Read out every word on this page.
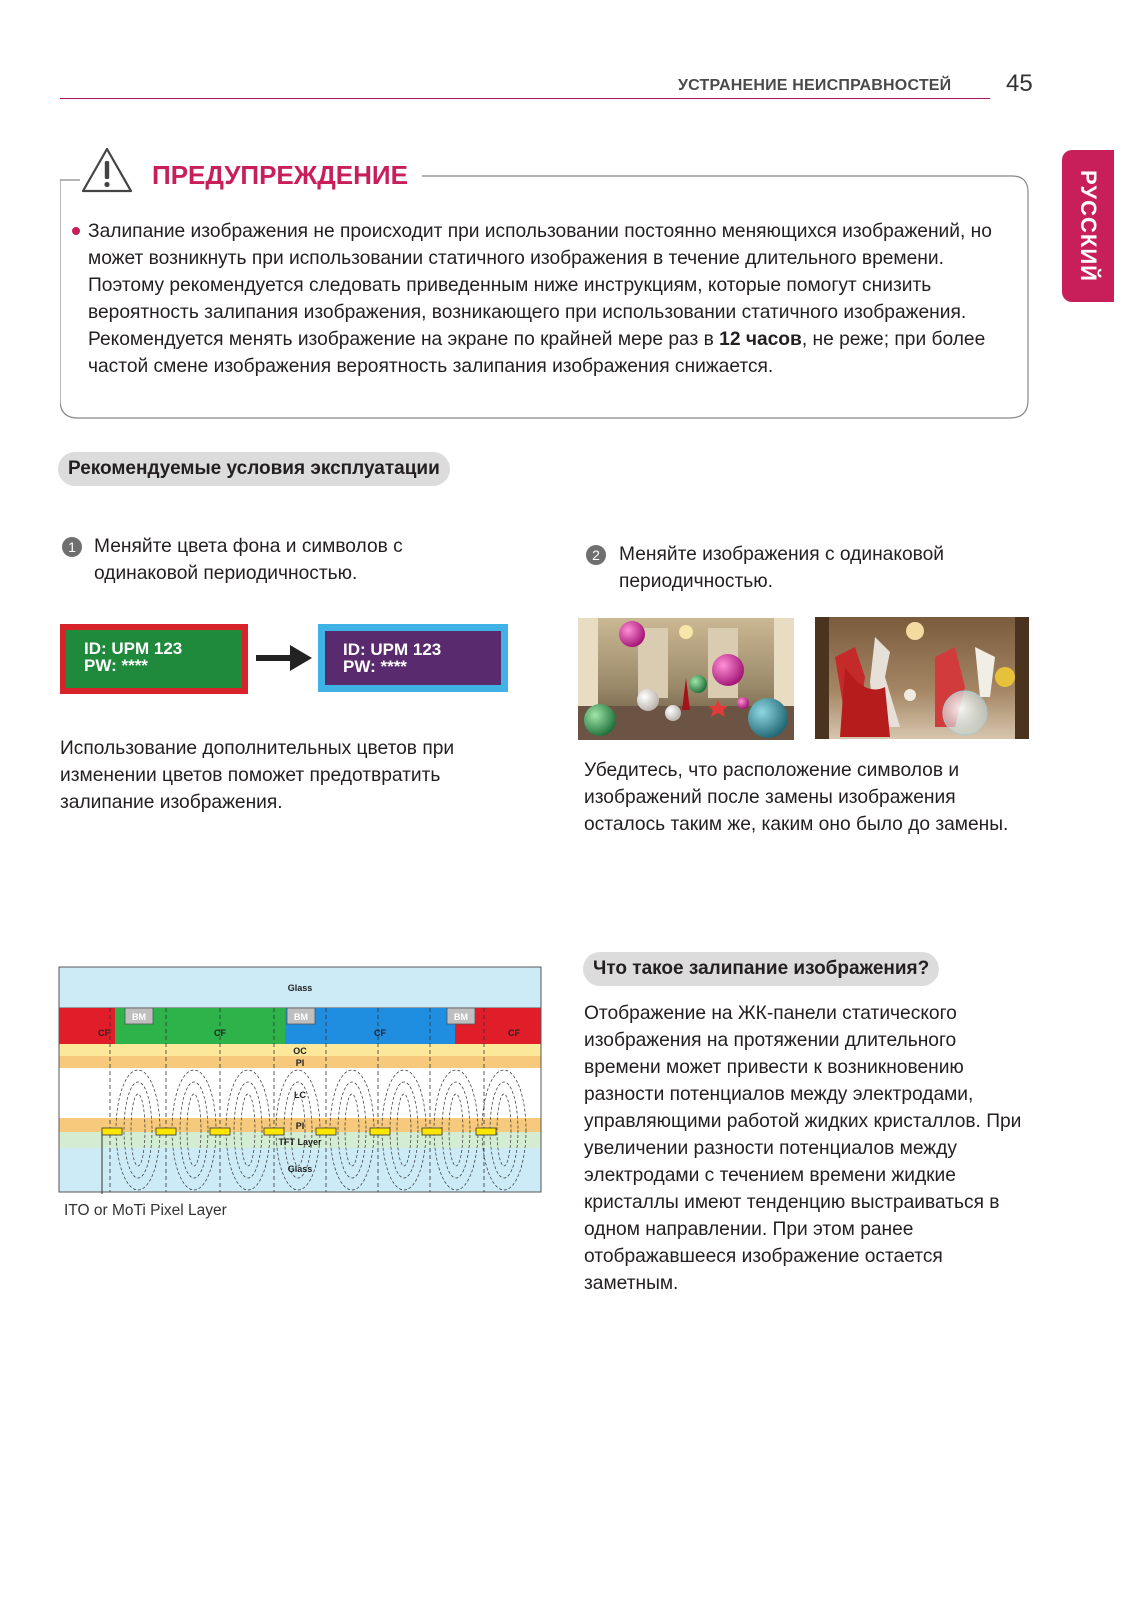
УСТРАНЕНИЕ НЕИСПРАВНОСТЕЙ 45
РУССКИЙ
ПРЕДУПРЕЖДЕНИЕ
Залипание изображения не происходит при использовании постоянно меняющихся изображений, но может возникнуть при использовании статичного изображения в течение длительного времени. Поэтому рекомендуется следовать приведенным ниже инструкциям, которые помогут снизить вероятность залипания изображения, возникающего при использовании статичного изображения. Рекомендуется менять изображение на экране по крайней мере раз в 12 часов, не реже; при более частой смене изображения вероятность залипания изображения снижается.
Рекомендуемые условия эксплуатации
1 Меняйте цвета фона и символов с одинаковой периодичностью.
ID: UPM 123
PW: ****
ID: UPM 123
PW: ****
Использование дополнительных цветов при изменении цветов поможет предотвратить залипание изображения.
2 Меняйте изображения с одинаковой периодичностью.
Убедитесь, что расположение символов и изображений после замены изображения осталось таким же, каким оно было до замены.
Glass
BM	BM	BM
CF	CF	CF	CF
OC
PI
LC
PI
TFT Layer
Glass
ITO or MoTi Pixel Layer
Что такое залипание изображения?
Отображение на ЖК-панели статического изображения на протяжении длительного времени может привести к возникновению разности потенциалов между электродами, управляющими работой жидких кристаллов. При увеличении разности потенциалов между электродами с течением времени жидкие кристаллы имеют тенденцию выстраиваться в одном направлении. При этом ранее отображавшееся изображение остается заметным.
